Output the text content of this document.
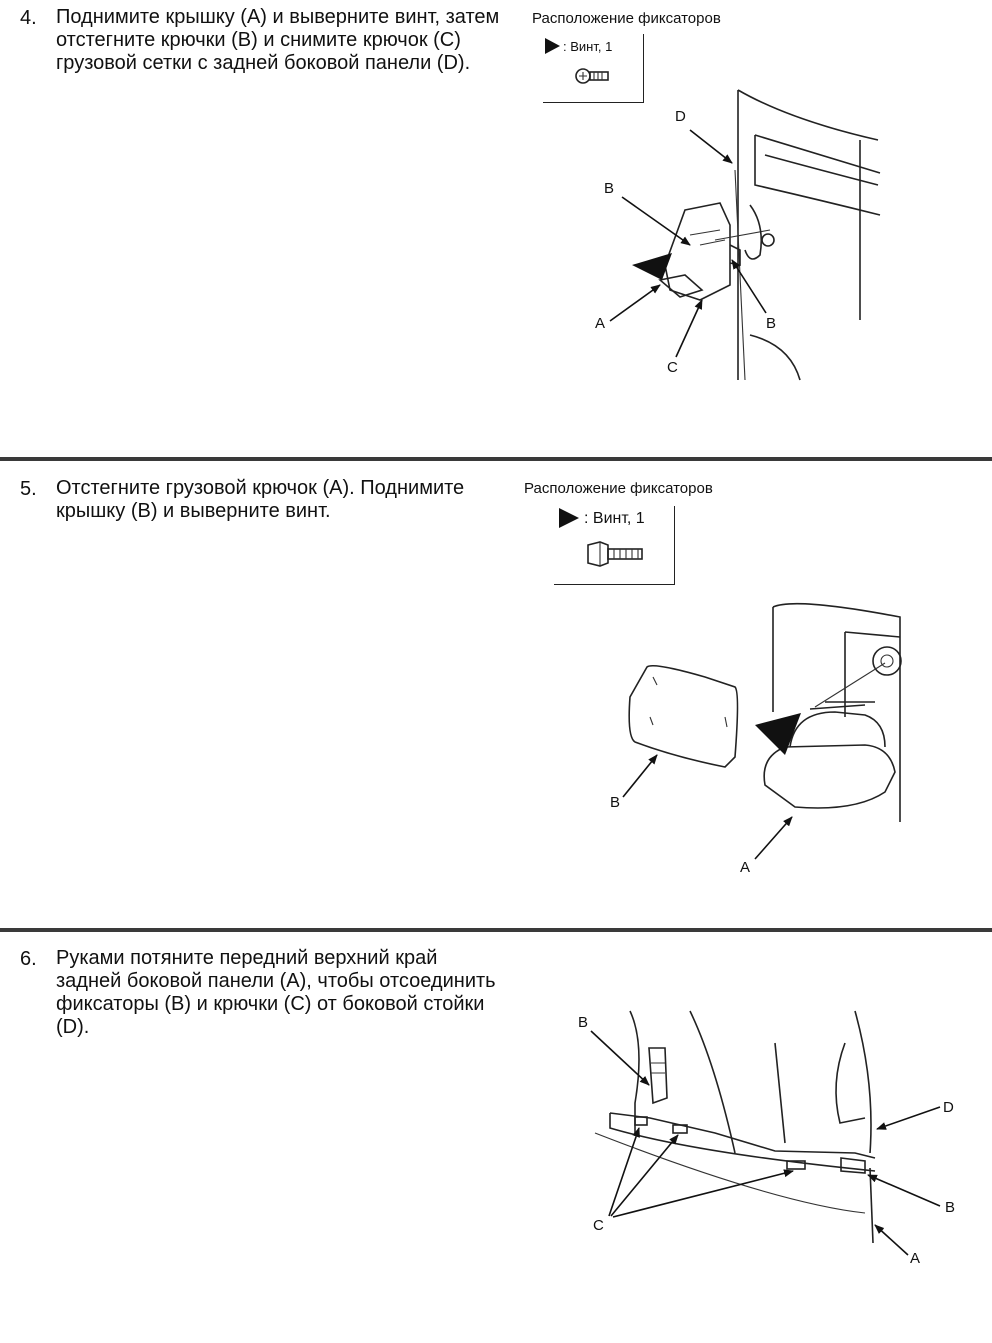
4. Поднимите крышку (А) и выверните винт, затем отстегните крючки (В) и снимите крючок (С) грузовой сетки с задней боковой панели (D).
Расположение фиксаторов
: Винт, 1
D
B
B
A
C
5. Отстегните грузовой крючок (А). Поднимите крышку (В) и выверните винт.
Расположение фиксаторов
: Винт, 1
B
A
6. Руками потяните передний верхний край задней боковой панели (А), чтобы отсоединить фиксаторы (В) и крючки (С) от боковой стойки (D).	B
D
B
C
A
